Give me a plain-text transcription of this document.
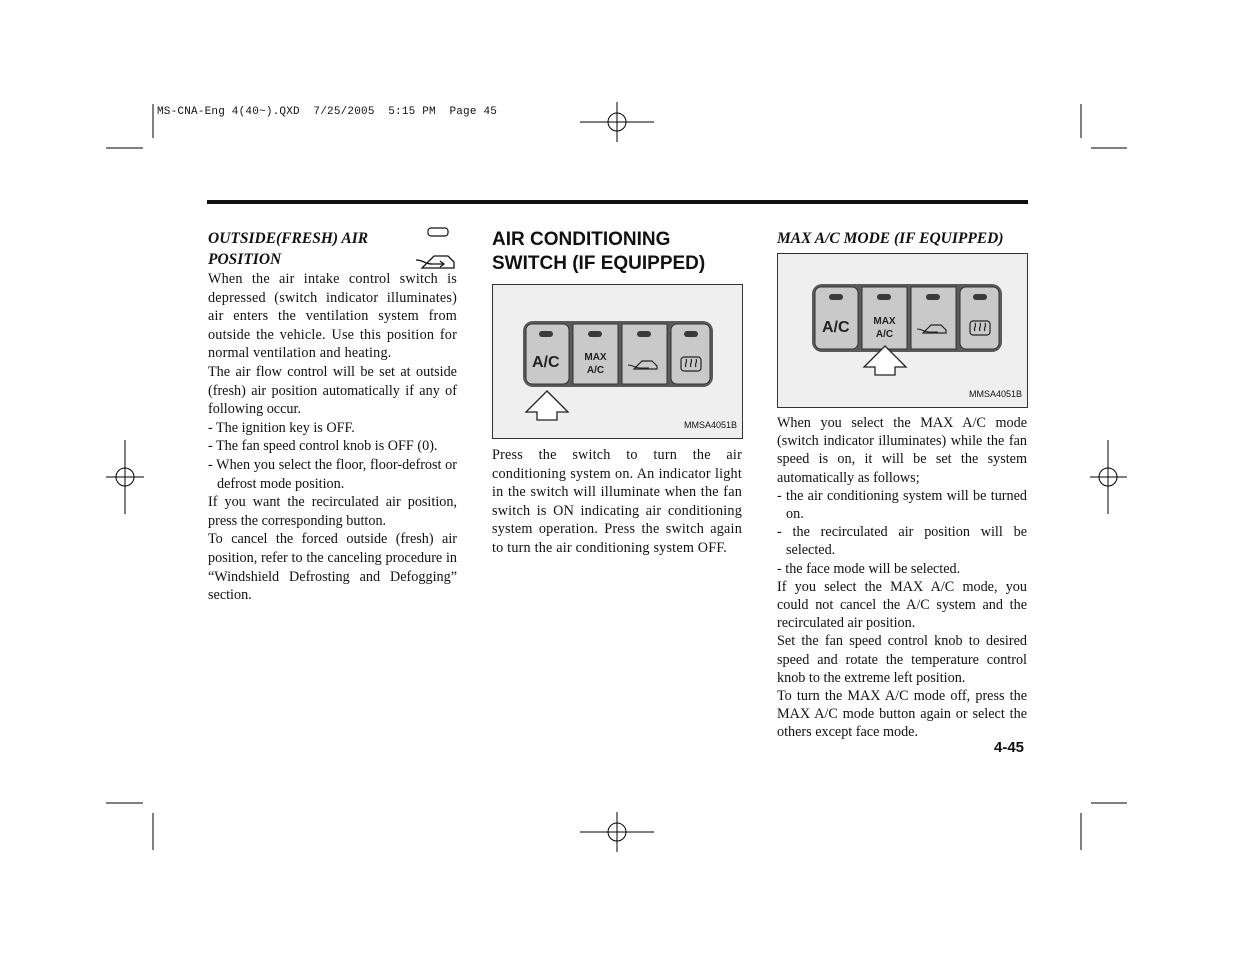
MS-CNA-Eng 4(40~).QXD  7/25/2005  5:15 PM  Page 45
OUTSIDE(FRESH) AIR
POSITION

When the air intake control switch is depressed (switch indicator illuminates) air enters the ventilation system from outside the vehicle. Use this position for normal ventilation and heating.

The air flow control will be set at outside (fresh) air position automatically if any of following occur.

- The ignition key is OFF.

- The fan speed control knob is OFF (0).

- When you select the floor, floor-defrost or defrost mode position.

If you want the recirculated air position, press the corresponding button.

To cancel the forced outside (fresh) air position, refer to the canceling procedure in “Windshield Defrosting and Defogging” section.

AIR CONDITIONING
SWITCH (IF EQUIPPED)
A/C	MAX
A/C
MMSA4051B

Press the switch to turn the air conditioning system on. An indicator light in the switch will illuminate when the fan switch is ON indicating air conditioning system operation. Press the switch again to turn the air conditioning system OFF.

MAX A/C MODE (IF EQUIPPED)
A/C	MAX
A/C
MMSA4051B

When you select the MAX A/C mode (switch indicator illuminates) while the fan speed is on, it will be set the system automatically as follows;

- the air conditioning system will be turned on.

- the recirculated air position will be selected.

- the face mode will be selected.

If you select the MAX A/C mode, you could not cancel the A/C system and the recirculated air position.

Set the fan speed control knob to desired speed and rotate the temperature control knob to the extreme left position.

To turn the MAX A/C mode off, press the MAX A/C mode button again or select the others except face mode.

4-45
